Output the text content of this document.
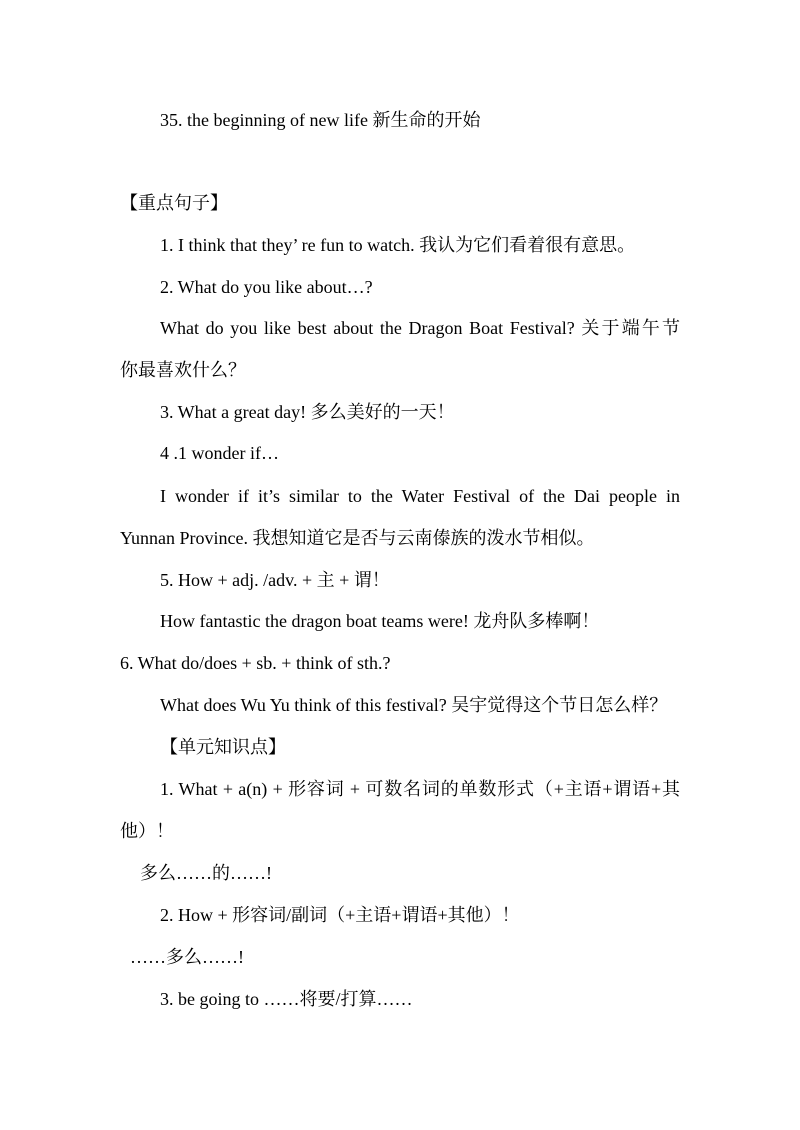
35. the beginning of new life 新生命的开始
【重点句子】
1. I think that they’ re fun to watch. 我认为它们看着很有意思。
2. What do you like about…?
What do you like best about the Dragon Boat Festival? 关于端午节
你最喜欢什么？
3. What a great day! 多么美好的一天！
4 .1 wonder if…
I wonder if it’s similar to the Water Festival of the Dai people in
Yunnan Province. 我想知道它是否与云南傣族的泼水节相似。
5. How + adj. /adv. + 主 + 谓！
How fantastic the dragon boat teams were! 龙舟队多棒啊！
6. What do/does + sb. + think of sth.?
What does Wu Yu think of this festival? 吴宇觉得这个节日怎么样？
【单元知识点】
1. What + a(n) + 形容词 + 可数名词的单数形式（+主语+谓语+其
他）！
多么……的……!
2. How + 形容词/副词（+主语+谓语+其他）！
……多么……!
3. be going to ……将要/打算……
